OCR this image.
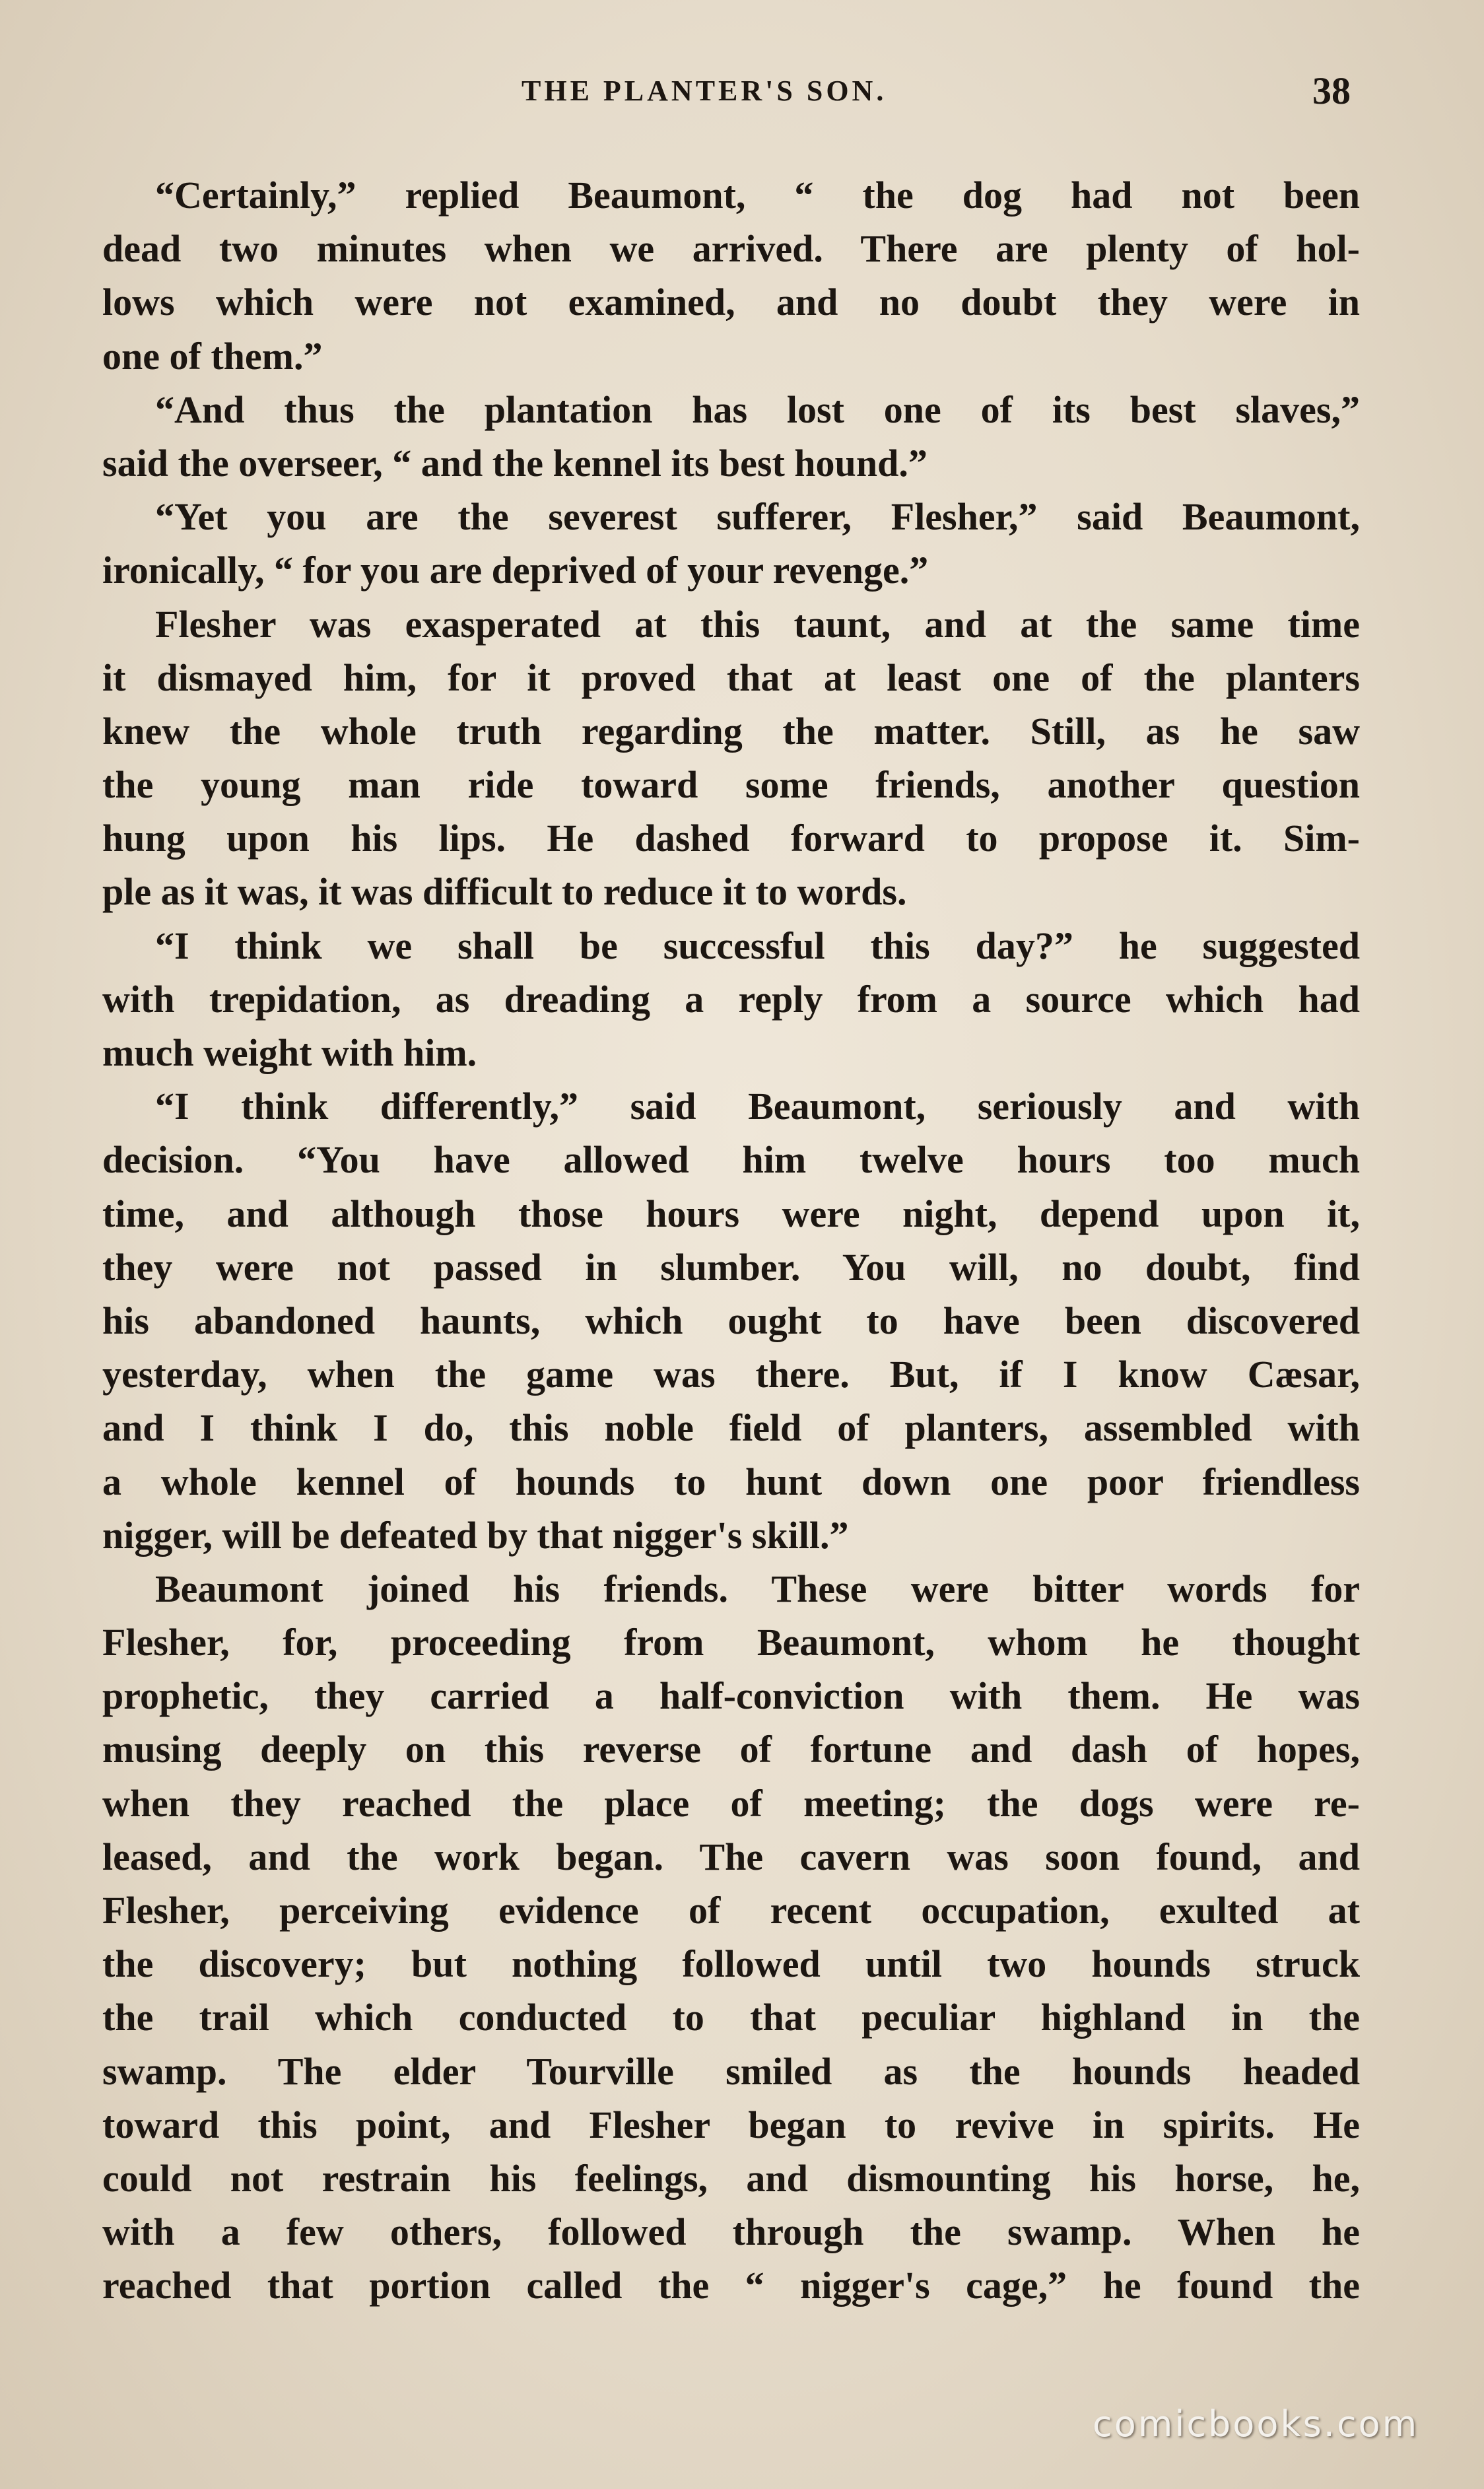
THE PLANTER'S SON.	38
“Certainly,” replied Beaumont, “ the dog had not been
dead two minutes when we arrived. There are plenty of hol-
lows which were not examined, and no doubt they were in
one of them.”
“And thus the plantation has lost one of its best slaves,”
said the overseer, “ and the kennel its best hound.”
“Yet you are the severest sufferer, Flesher,” said Beaumont,
ironically, “ for you are deprived of your revenge.”
Flesher was exasperated at this taunt, and at the same time
it dismayed him, for it proved that at least one of the planters
knew the whole truth regarding the matter. Still, as he saw
the young man ride toward some friends, another question
hung upon his lips. He dashed forward to propose it. Sim-
ple as it was, it was difficult to reduce it to words.
“I think we shall be successful this day?” he suggested
with trepidation, as dreading a reply from a source which had
much weight with him.
“I think differently,” said Beaumont, seriously and with
decision. “You have allowed him twelve hours too much
time, and although those hours were night, depend upon it,
they were not passed in slumber. You will, no doubt, find
his abandoned haunts, which ought to have been discovered
yesterday, when the game was there. But, if I know Cæsar,
and I think I do, this noble field of planters, assembled with
a whole kennel of hounds to hunt down one poor friendless
nigger, will be defeated by that nigger's skill.”
Beaumont joined his friends. These were bitter words for
Flesher, for, proceeding from Beaumont, whom he thought
prophetic, they carried a half-conviction with them. He was
musing deeply on this reverse of fortune and dash of hopes,
when they reached the place of meeting; the dogs were re-
leased, and the work began. The cavern was soon found, and
Flesher, perceiving evidence of recent occupation, exulted at
the discovery; but nothing followed until two hounds struck
the trail which conducted to that peculiar highland in the
swamp. The elder Tourville smiled as the hounds headed
toward this point, and Flesher began to revive in spirits. He
could not restrain his feelings, and dismounting his horse, he,
with a few others, followed through the swamp. When he
reached that portion called the “ nigger's cage,” he found the
comicbooks.com
